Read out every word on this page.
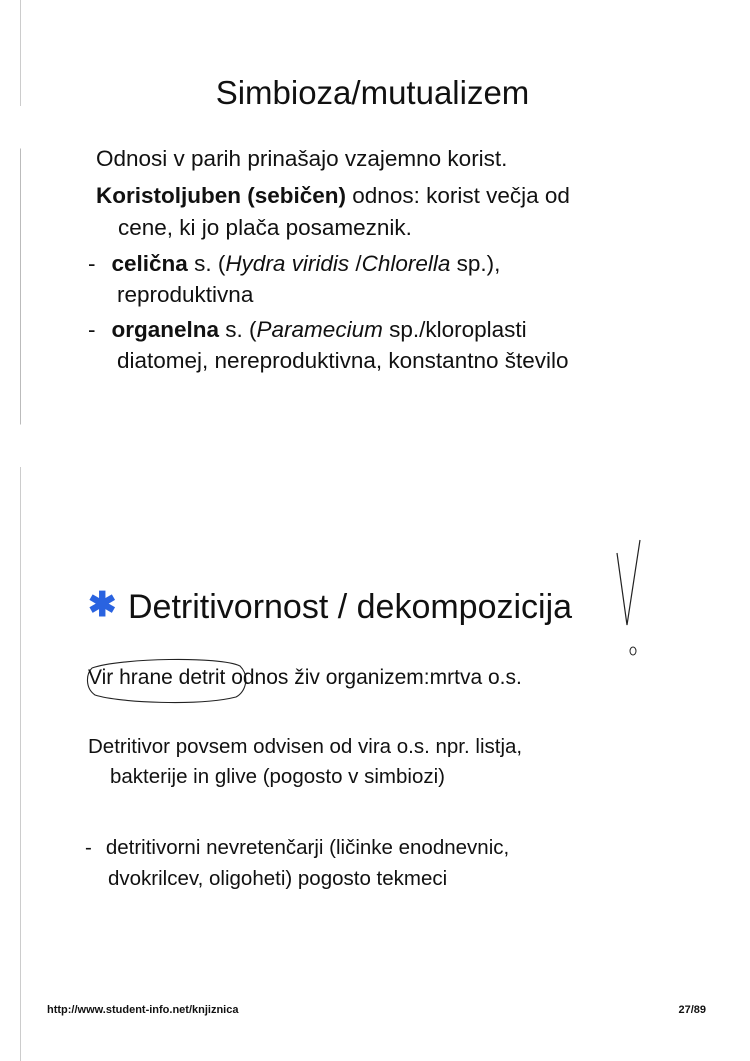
Simbioza/mutualizem
Odnosi v parih prinašajo vzajemno korist.
Koristoljuben (sebičen) odnos: korist večja od
cene, ki jo plača posameznik.
- celična s. (Hydra viridis /Chlorella sp.),
reproduktivna
- organelna s. (Paramecium sp./kloroplasti
diatomej, nereproduktivna, konstantno število
✱ Detritivornost / dekompozicija
Vir hrane detrit odnos živ organizem:mrtva o.s.
Detritivor povsem odvisen od vira o.s. npr. listja,
bakterije in glive (pogosto v simbiozi)
- detritivorni nevretenčarji (ličinke enodnevnic,
dvokrilcev, oligoheti) pogosto tekmeci
http://www.student-info.net/knjiznica	27/89
